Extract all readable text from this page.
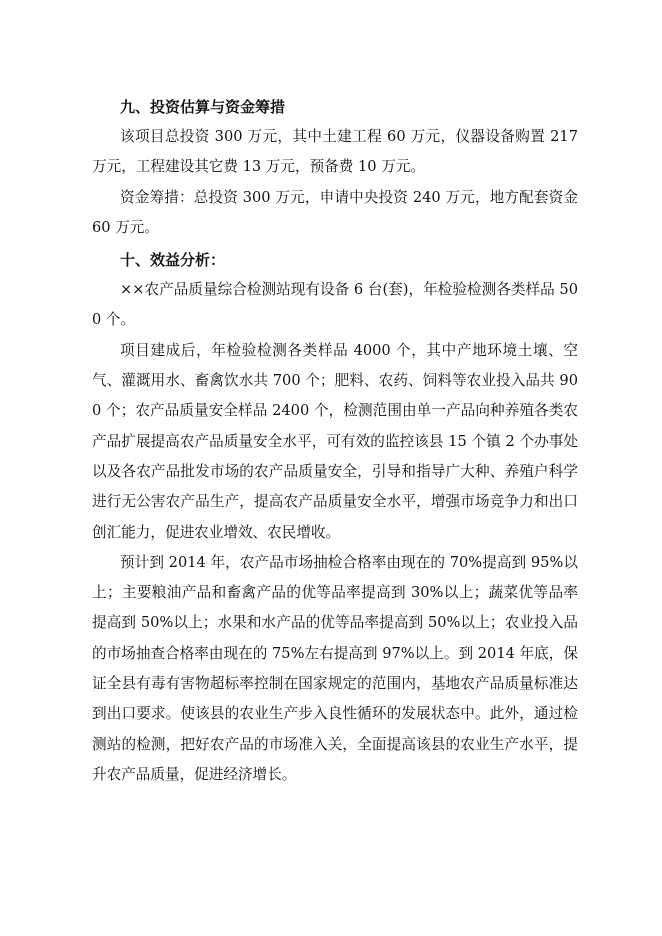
九、投资估算与资金筹措

该项目总投资 300 万元，其中土建工程 60 万元，仪器设备购置 217 万元，工程建设其它费 13 万元，预备费 10 万元。

资金筹措：总投资 300 万元，申请中央投资 240 万元，地方配套资金 60 万元。

十、效益分析：

××农产品质量综合检测站现有设备 6 台(套)，年检验检测各类样品 500 个。

项目建成后，年检验检测各类样品 4000 个，其中产地环境土壤、空气、灌溉用水、畜禽饮水共 700 个；肥料、农药、饲料等农业投入品共 900 个；农产品质量安全样品 2400 个，检测范围由单一产品向种养殖各类农产品扩展提高农产品质量安全水平，可有效的监控该县 15 个镇 2 个办事处　以及各农产品批发市场的农产品质量安全，引导和指导广大种、养殖户科学进行无公害农产品生产，提高农产品质量安全水平，增强市场竞争力和出口创汇能力，促进农业增效、农民增收。

预计到 2014 年，农产品市场抽检合格率由现在的 70%提高到 95%以上；主要粮油产品和畜禽产品的优等品率提高到 30%以上；蔬菜优等品率提高到 50%以上；水果和水产品的优等品率提高到 50%以上；农业投入品的市场抽查合格率由现在的 75%左右提高到 97%以上。到 2014 年底，保证全县有毒有害物超标率控制在国家规定的范围内，基地农产品质量标准达到出口要求。使该县的农业生产步入良性循环的发展状态中。此外，通过检测站的检测，把好农产品的市场准入关，全面提高该县的农业生产水平，提升农产品质量，促进经济增长。
